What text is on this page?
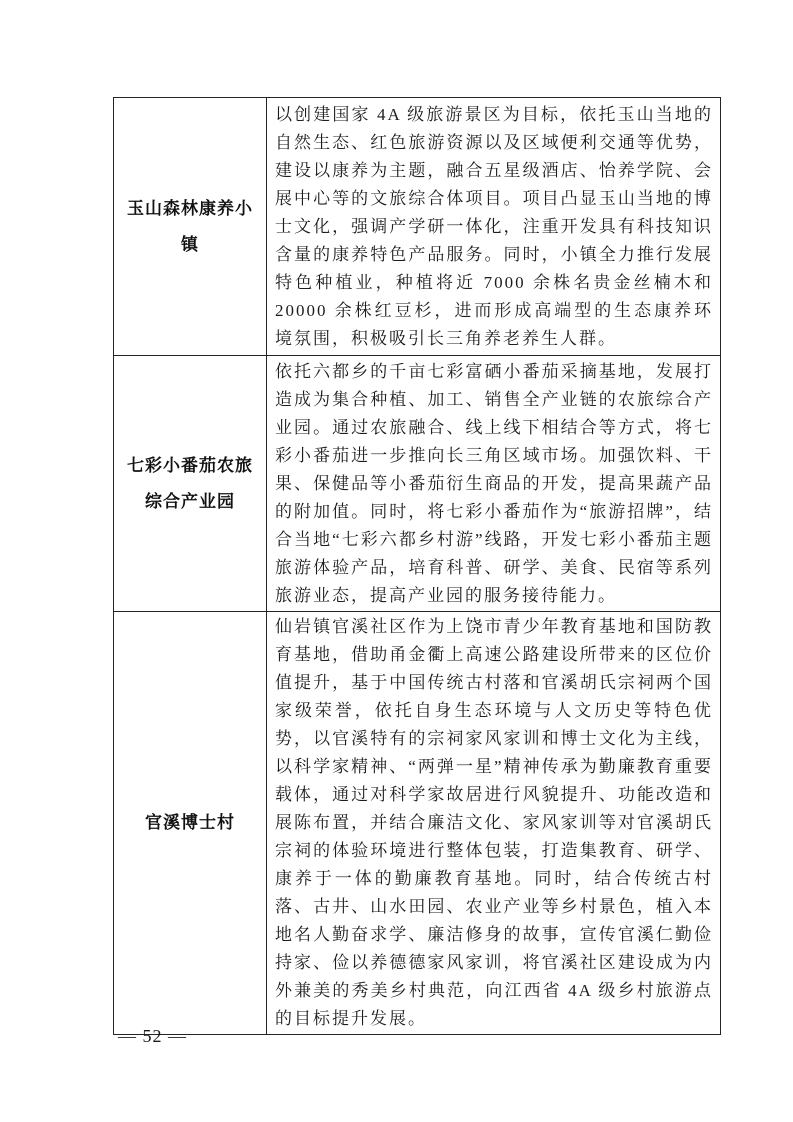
玉山森林康养小镇	以创建国家 4A 级旅游景区为目标，依托玉山当地的自然生态、红色旅游资源以及区域便利交通等优势，建设以康养为主题，融合五星级酒店、怡养学院、会展中心等的文旅综合体项目。项目凸显玉山当地的博士文化，强调产学研一体化，注重开发具有科技知识含量的康养特色产品服务。同时，小镇全力推行发展特色种植业，种植将近 7000 余株名贵金丝楠木和 20000 余株红豆杉，进而形成高端型的生态康养环境氛围，积极吸引长三角养老养生人群。
七彩小番茄农旅综合产业园	依托六都乡的千亩七彩富硒小番茄采摘基地，发展打造成为集合种植、加工、销售全产业链的农旅综合产业园。通过农旅融合、线上线下相结合等方式，将七彩小番茄进一步推向长三角区域市场。加强饮料、干果、保健品等小番茄衍生商品的开发，提高果蔬产品的附加值。同时，将七彩小番茄作为“旅游招牌”，结合当地“七彩六都乡村游”线路，开发七彩小番茄主题旅游体验产品，培育科普、研学、美食、民宿等系列旅游业态，提高产业园的服务接待能力。
官溪博士村	仙岩镇官溪社区作为上饶市青少年教育基地和国防教育基地，借助甬金衢上高速公路建设所带来的区位价值提升，基于中国传统古村落和官溪胡氏宗祠两个国家级荣誉，依托自身生态环境与人文历史等特色优势，以官溪特有的宗祠家风家训和博士文化为主线，以科学家精神、“两弹一星”精神传承为勤廉教育重要载体，通过对科学家故居进行风貌提升、功能改造和展陈布置，并结合廉洁文化、家风家训等对官溪胡氏宗祠的体验环境进行整体包装，打造集教育、研学、康养于一体的勤廉教育基地。同时，结合传统古村落、古井、山水田园、农业产业等乡村景色，植入本地名人勤奋求学、廉洁修身的故事，宣传官溪仁勤俭持家、俭以养德德家风家训，将官溪社区建设成为内外兼美的秀美乡村典范，向江西省 4A 级乡村旅游点的目标提升发展。
— 52 —
